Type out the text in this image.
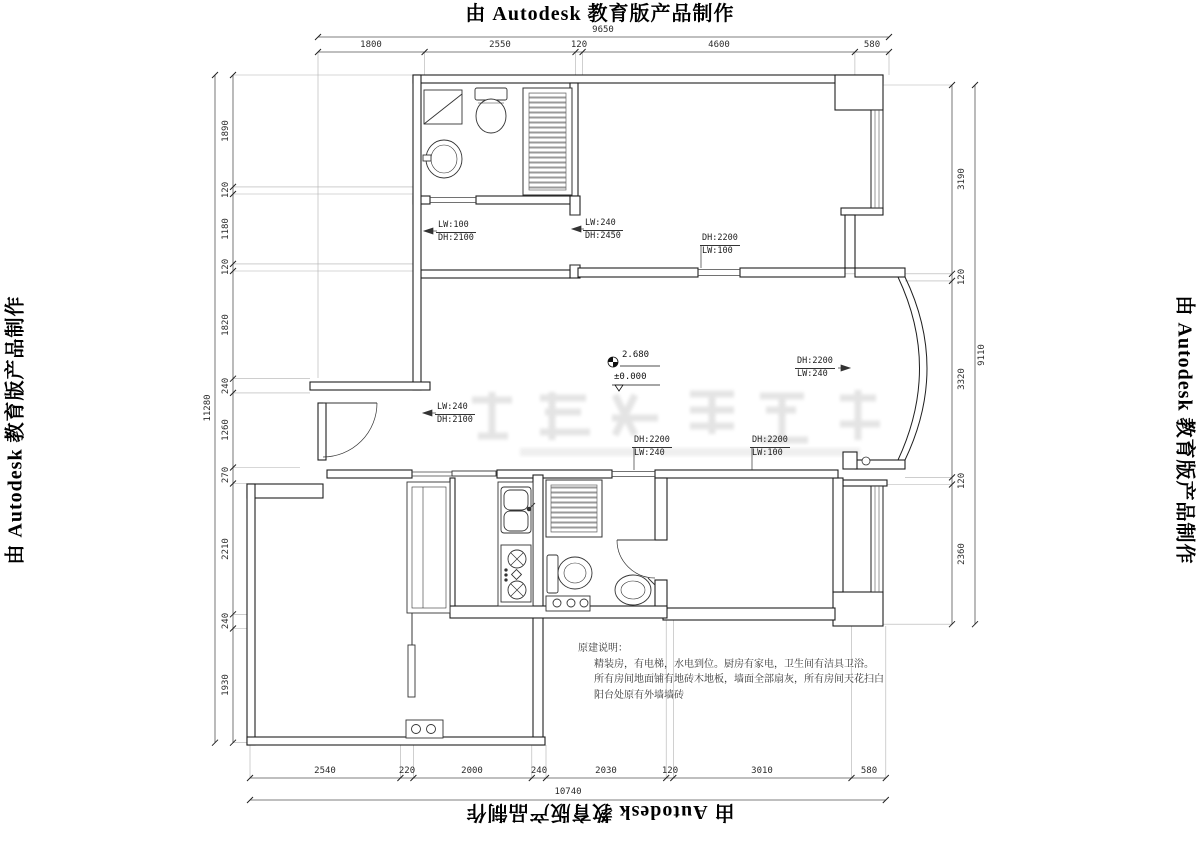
由 Autodesk 教育版产品制作
由 Autodesk 教育版产品制作
由 Autodesk 教育版产品制作	由 Autodesk 教育版产品制作
9650
1800	2550	120	4600	580
11280
1890
120
1180
120
1820
240
1260
270
2210
240
1930
9110
3190
120
3320
120
2360
10740
2540	220	2000	240	2030	120	3010	580
LW:100
DH:2100
LW:240
DH:2450	DH:2200
LW:100
DH:2200
LW:240
LW:240
DH:2100
DH:2200
LW:240
DH:2200
LW:100
2.680
±0.000
原建说明：
精装房，有电梯，水电到位。厨房有家电，卫生间有洁具卫浴。
所有房间地面铺有地砖木地板，墙面全部扇灰，所有房间天花扫白
阳台处原有外墙墙砖
